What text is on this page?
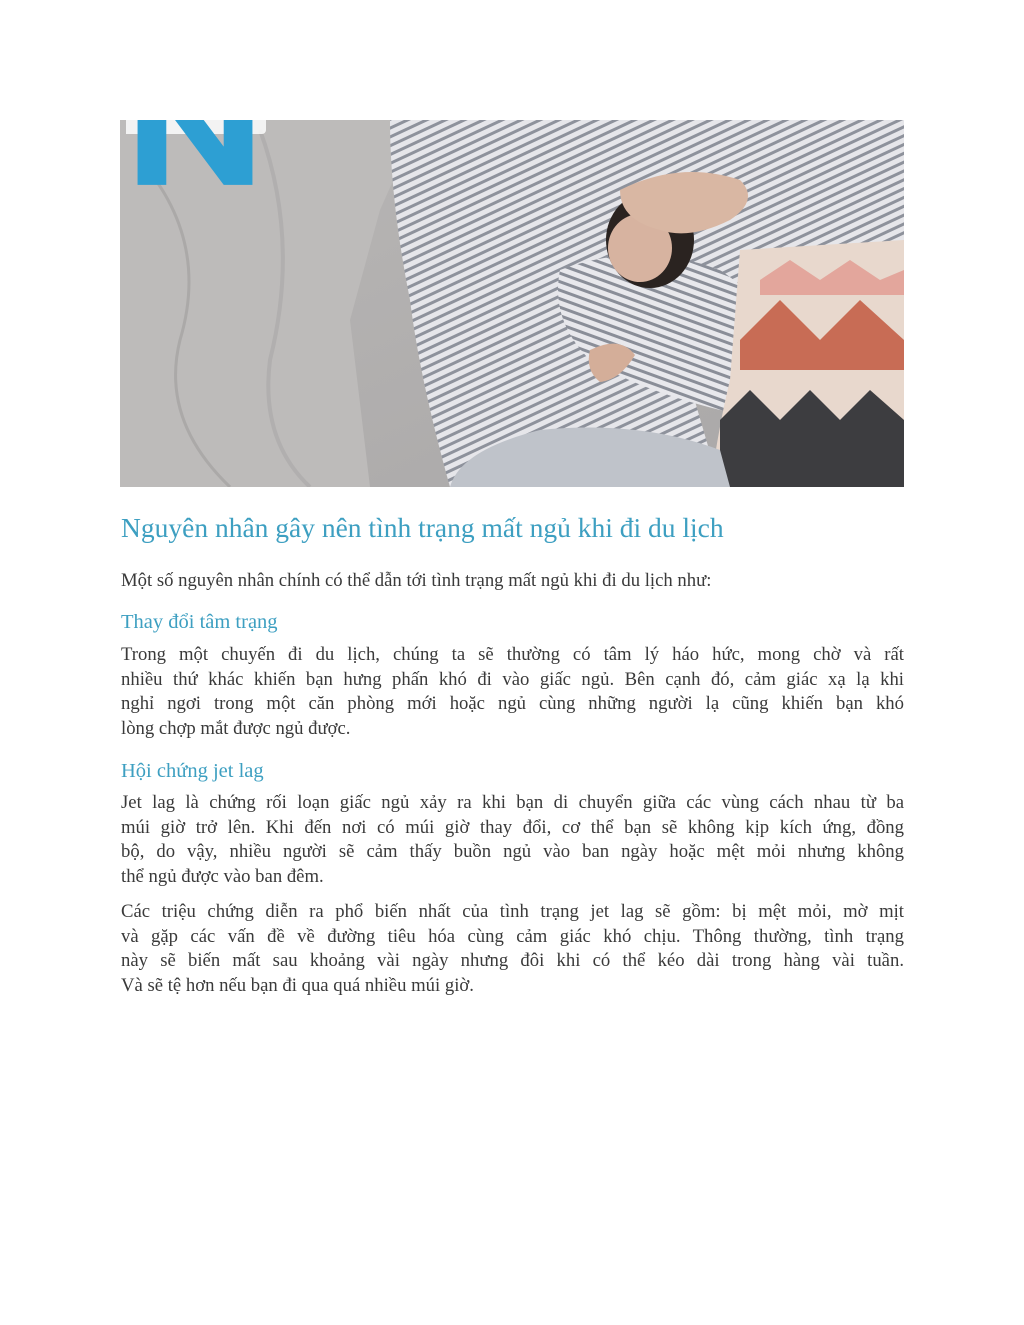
Nguyên nhân gây nên tình trạng mất ngủ khi đi du lịch

Một số nguyên nhân chính có thể dẫn tới tình trạng mất ngủ khi đi du lịch như:

Thay đổi tâm trạng
Trong một chuyến đi du lịch, chúng ta sẽ thường có tâm lý háo hức, mong chờ và rất
nhiều thứ khác khiến bạn hưng phấn khó đi vào giấc ngủ. Bên cạnh đó, cảm giác xạ lạ khi
nghỉ ngơi trong một căn phòng mới hoặc ngủ cùng những người lạ cũng khiến bạn khó
lòng chợp mắt được ngủ được.
Hội chứng jet lag
Jet lag là chứng rối loạn giấc ngủ xảy ra khi bạn di chuyển giữa các vùng cách nhau từ ba
múi giờ trở lên. Khi đến nơi có múi giờ thay đổi, cơ thể bạn sẽ không kịp kích ứng, đồng
bộ, do vậy, nhiều người sẽ cảm thấy buồn ngủ vào ban ngày hoặc mệt mỏi nhưng không
thể ngủ được vào ban đêm.
Các triệu chứng diễn ra phổ biến nhất của tình trạng jet lag sẽ gồm: bị mệt mỏi, mờ mịt
và gặp các vấn đề về đường tiêu hóa cùng cảm giác khó chịu. Thông thường, tình trạng
này sẽ biến mất sau khoảng vài ngày nhưng đôi khi có thể kéo dài trong hàng vài tuần.
Và sẽ tệ hơn nếu bạn đi qua quá nhiều múi giờ.
